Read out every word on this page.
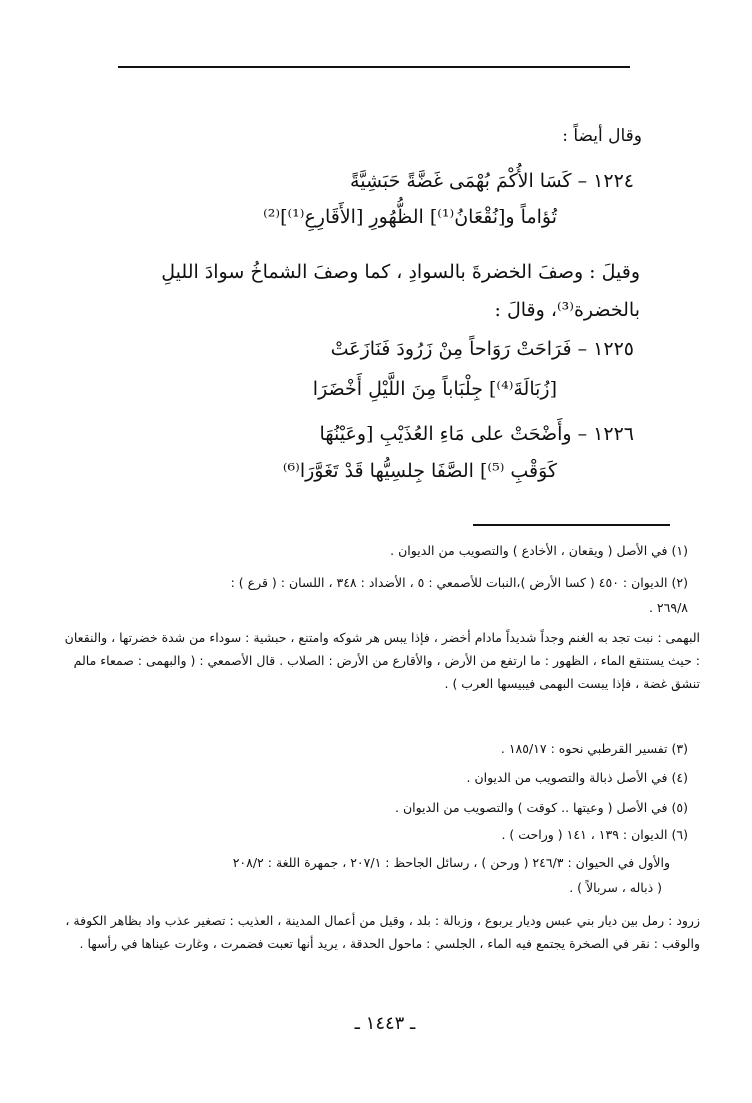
وقال أيضاً :
١٢٢٤ – كَسَا الأُكْمَ بُهْمَى غَضَّةً حَبَشِيَّةً
تُؤاماً و[نُقْعَانُ⁽¹⁾] الظُّهُورِ [الأَقَارِعِ⁽¹⁾]⁽²⁾
وقيلَ : وصفَ الخضرةَ بالسوادِ ، كما وصفَ الشماخُ سوادَ الليلِ
بالخضرة⁽³⁾، وقالَ :
١٢٢٥ – فَرَاحَتْ رَوَاحاً مِنْ زَرُودَ فَنَازَعَتْ
[زُبَالَةَ⁽⁴⁾] جِلْبَاباً مِنَ اللَّيْلِ أَخْضَرَا
١٢٢٦ – وأَضْحَتْ على مَاءِ العُذَيْبِ [وعَيْنُهَا
كَوَقْبِ ⁽⁵⁾] الصَّفَا جِلسِيُّها قَدْ تَغَوَّرَا⁽⁶⁾
(١) في الأصل ( ويقعان ، الأخادع ) والتصويب من الديوان .
(٢) الديوان : ٤٥٠ ( كسا الأرض )،النبات للأصمعي : ٥ ، الأضداد : ٣٤٨ ، اللسان : ( قرع ) :
٢٦٩/٨ .
البهمى : نبت تجد به الغنم وجداً شديداً مادام أخضر ، فإذا يبس هر شوكه وامتنع ، حبشية : سوداء من شدة خضرتها ، والنقعان : حيث يستنقع الماء ، الظهور : ما ارتفع من الأرض ، والأقارع من الأرض : الصلاب . قال الأصمعي : ( والبهمى : صمعاء مالم تنشق غضة ، فإذا يبست البهمى فيبيسها العرب ) .
(٣) تفسير القرطبي نحوه : ١٨٥/١٧ .
(٤) في الأصل ذبالة والتصويب من الديوان .
(٥) في الأصل ( وعيتها .. كوقت ) والتصويب من الديوان .
(٦) الديوان : ١٣٩ ، ١٤١ ( وراحت ) .
والأول في الحيوان : ٢٤٦/٣ ( ورحن ) ، رسائل الجاحظ : ٢٠٧/١ ، جمهرة اللغة : ٢٠٨/٢
( ذباله ، سربالاً ) .
زرود : رمل بين ديار بني عبس وديار يربوع ، وزبالة : بلد ، وقيل من أعمال المدينة ، العذيب : تصغير عذب واد بظاهر الكوفة ، والوقب : نقر في الصخرة يجتمع فيه الماء ، الجلسي : ماحول الحدقة ، يريد أنها تعبت فضمرت ، وغارت عيناها في رأسها .
ـ ١٤٤٣ ـ
